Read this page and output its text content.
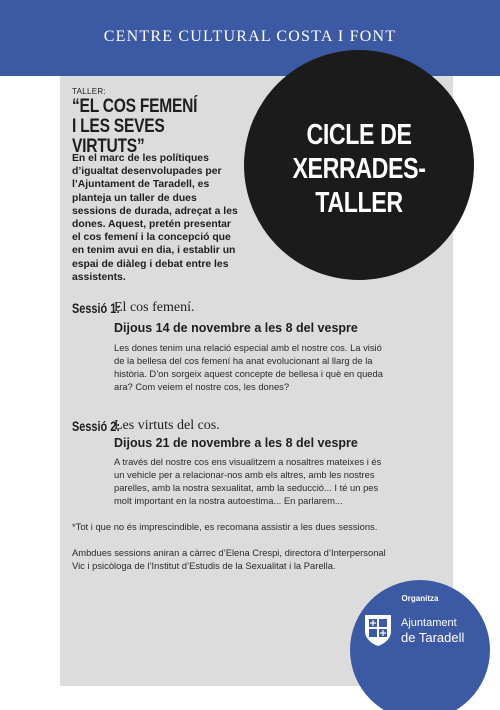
CENTRE CULTURAL COSTA I FONT
CICLE DE
XERRADES-TALLER
TALLER:
“EL COS FEMENÍ
I LES SEVES VIRTUTS”
En el marc de les polítiques
d’igualtat desenvolupades per
l’Ajuntament de Taradell, es
planteja un taller de dues
sessions de durada, adreçat a les
dones. Aquest, pretén presentar
el cos femení i la concepció que
en tenim avui en dia, i establir un
espai de diàleg i debat entre les
assistents.
Sessió 1:
El cos femení.
Dijous 14 de novembre a les 8 del vespre
Les dones tenim una relació especial amb el nostre cos. La visió
de la bellesa del cos femení ha anat evolucionant al llarg de la
història. D’on sorgeix aquest concepte de bellesa i què en queda
ara? Com veiem el nostre cos, les dones?
Sessió 2:
Les virtuts del cos.
Dijous 21 de novembre a les 8 del vespre
A través del nostre cos ens visualitzem a nosaltres mateixes i és
un vehicle per a relacionar-nos amb els altres, amb les nostres
parelles, amb la nostra sexualitat, amb la seducció... I té un pes
molt important en la nostra autoestima... En parlarem...
*Tot i que no és imprescindible, es recomana assistir a les dues sessions.
Ambdues sessions aniran a càrrec d’Elena Crespi, directora d’Interpersonal
Vic i psicòloga de l’Institut d’Estudis de la Sexualitat i la Parella.
Organitza
Ajuntament
de Taradell
